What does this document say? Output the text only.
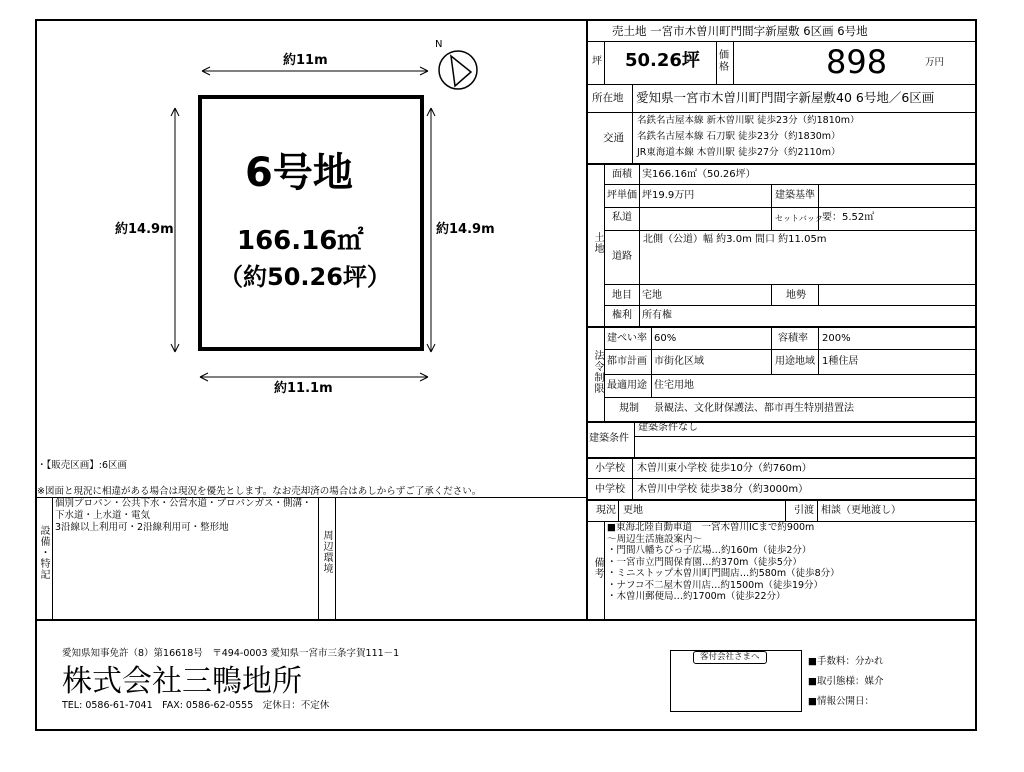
N
約11m
約11.1m
約14.9m	約14.9m
6号地
166.16㎡
（約50.26坪）
・【販売区画】:6区画
※図面と現況に相違がある場合は現況を優先とします。なお売却済の場合はあしからずご了承ください。
設備・特記
個別プロパン・公共下水・公営水道・プロパンガス・側溝・
下水道・上水道・電気
3沿線以上利用可・2沿線利用可・整形地
周辺環境
売土地 一宮市木曽川町門間字新屋敷 6区画 6号地
坪 50.26坪 価格	898	万円
所在地 愛知県一宮市木曽川町門間字新屋敷40 6号地／6区画
交通
名鉄名古屋本線 新木曽川駅 徒歩23分（約1810m）
名鉄名古屋本線 石刀駅 徒歩23分（約1830m）
JR東海道本線 木曽川駅 徒歩27分（約2110m）
土地
面積 実166.16㎡（50.26坪）
坪単価 坪19.9万円	建築基準
私道	セットバック 要：5.52㎡
道路
北側（公道）幅 約3.0m 間口 約11.05m
地目 宅地	地勢
権利 所有権
法令制限
建ぺい率 60%	容積率 200%
都市計画 市街化区域	用途地域 1種住居
最適用途 住宅用地
規制 景観法、文化財保護法、都市再生特別措置法
建築条件
建築条件なし
小学校 木曽川東小学校 徒歩10分（約760m）
中学校 木曽川中学校 徒歩38分（約3000m）
現況 更地	引渡 相談（更地渡し）
備考
■東海北陸自動車道　一宮木曽川ICまで約900m
〜周辺生活施設案内〜
・門間八幡ちびっ子広場…約160m（徒歩2分）
・一宮市立門間保育園…約370m（徒歩5分）
・ミニストップ木曽川町門間店…約580m（徒歩8分）
・ナフコ不二屋木曽川店…約1500m（徒歩19分）
・木曽川郵便局…約1700m（徒歩22分）
愛知県知事免許（8）第16618号　〒494-0003 愛知県一宮市三条字賀111－1
株式会社三鴨地所
TEL: 0586-61-7041　FAX: 0586-62-0555　定休日：不定休
客付会社さまへ	■手数料：分かれ
■取引態様：媒介
■情報公開日：
